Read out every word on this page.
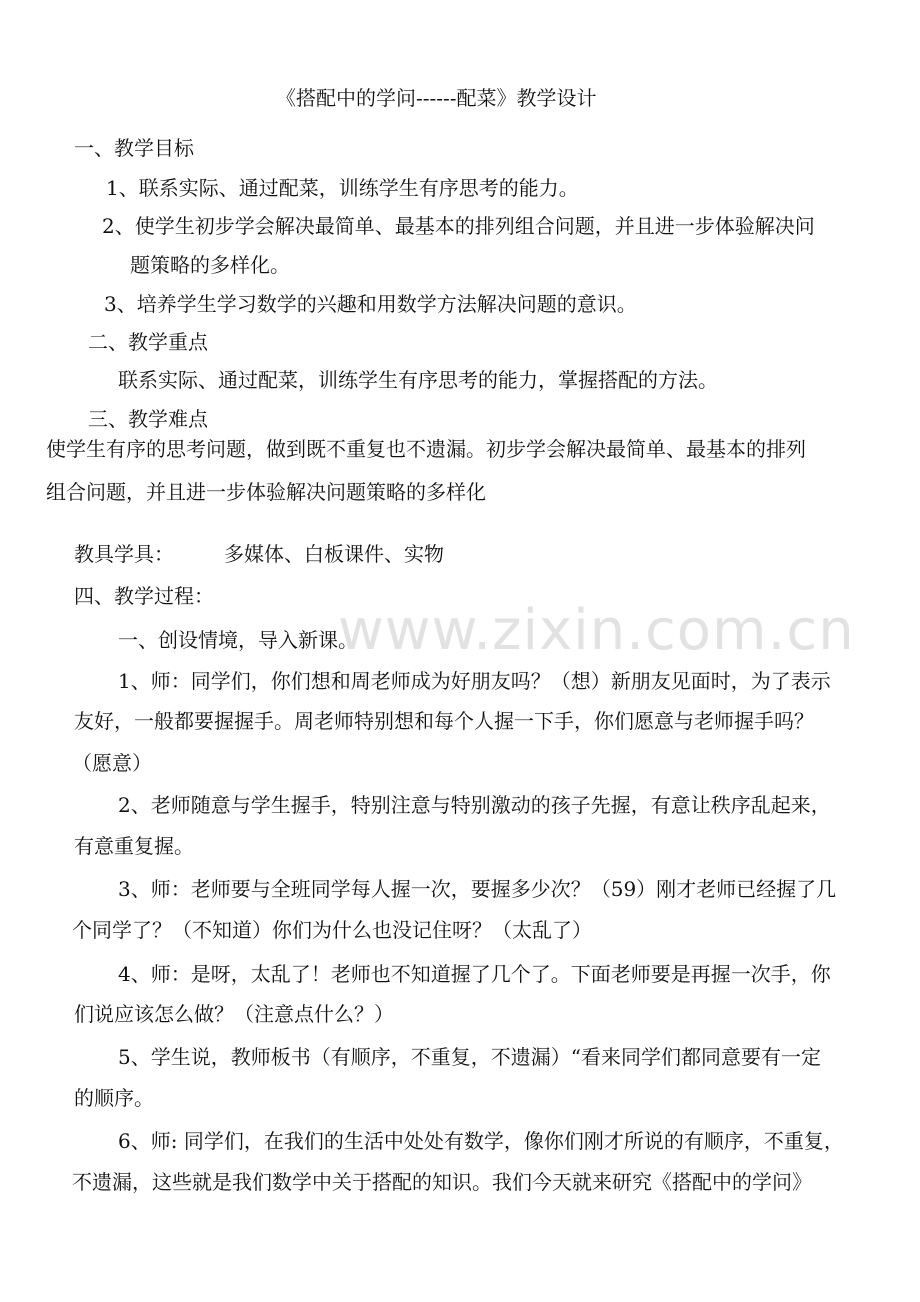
www.zixin.com.cn
《搭配中的学问------配菜》教学设计
一、教学目标
1、联系实际、通过配菜，训练学生有序思考的能力。
2、使学生初步学会解决最简单、最基本的排列组合问题，并且进一步体验解决问
题策略的多样化。
3、培养学生学习数学的兴趣和用数学方法解决问题的意识。
二、教学重点
联系实际、通过配菜，训练学生有序思考的能力，掌握搭配的方法。
三、教学难点
使学生有序的思考问题，做到既不重复也不遗漏。初步学会解决最简单、最基本的排列
组合问题，并且进一步体验解决问题策略的多样化
教具学具：	多媒体、白板课件、实物
四、教学过程：
一、创设情境，导入新课。
1、师：同学们，你们想和周老师成为好朋友吗？（想）新朋友见面时，为了表示
友好，一般都要握握手。周老师特别想和每个人握一下手，你们愿意与老师握手吗？
（愿意）
2、老师随意与学生握手，特别注意与特别激动的孩子先握，有意让秩序乱起来，
有意重复握。
3、师：老师要与全班同学每人握一次，要握多少次？（59）刚才老师已经握了几
个同学了？（不知道）你们为什么也没记住呀？（太乱了）
4、师：是呀，太乱了！老师也不知道握了几个了。下面老师要是再握一次手，你
们说应该怎么做？（注意点什么？）
5、学生说，教师板书（有顺序，不重复，不遗漏）“看来同学们都同意要有一定
的顺序。
6、师: 同学们，在我们的生活中处处有数学，像你们刚才所说的有顺序，不重复，
不遗漏，这些就是我们数学中关于搭配的知识。我们今天就来研究《搭配中的学问》
